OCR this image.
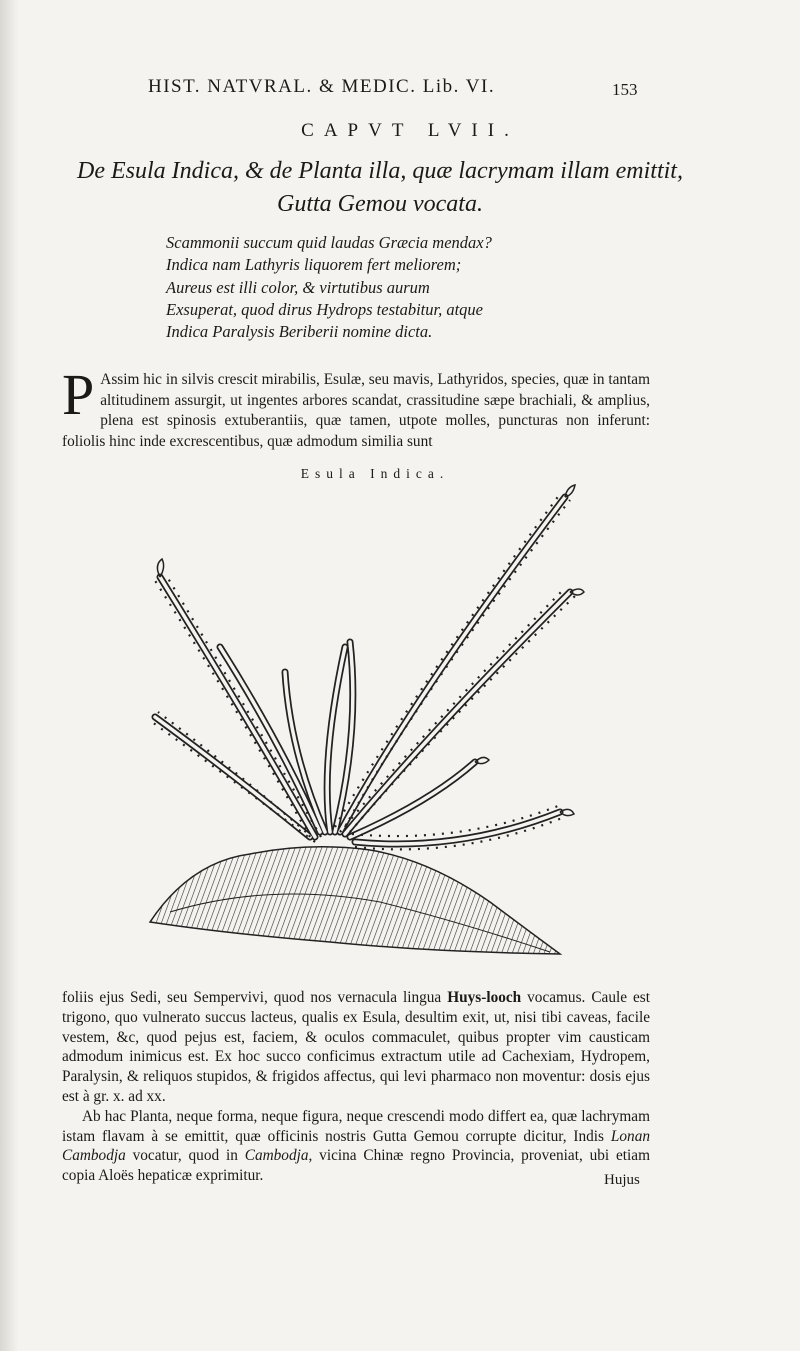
HIST. NATVRAL. & MEDIC. Lib. VI.	153
CAPVT LVII.
De Esula Indica, & de Planta illa, quæ lacrymam illam emittit,
Gutta Gemou vocata.
Scammonii succum quid laudas Græcia mendax?
Indica nam Lathyris liquorem fert meliorem;
Aureus est illi color, & virtutibus aurum
Exsuperat, quod dirus Hydrops testabitur, atque
Indica Paralysis Beriberii nomine dicta.
P Assim hic in silvis crescit mirabilis, Esulæ, seu mavis, Lathyridos, species, quæ in tantam altitudinem assurgit, ut ingentes arbores scandat, crassitudine sæpe brachiali, & amplius, plena est spinosis extuberantiis, quæ tamen, utpote molles, puncturas non inferunt: foliolis hinc inde excrescentibus, quæ admodum similia sunt
Esula Indica.

foliis ejus Sedi, seu Sempervivi, quod nos vernacula lingua Huys-looch vocamus. Caule est trigono, quo vulnerato succus lacteus, qualis ex Esula, desultim exit, ut, nisi tibi caveas, facile vestem, &c, quod pejus est, faciem, & oculos commaculet, quibus propter vim causticam admodum inimicus est. Ex hoc succo conficimus extractum utile ad Cachexiam, Hydropem, Paralysin, & reliquos stupidos, & frigidos affectus, qui levi pharmaco non moventur: dosis ejus est à gr. x. ad xx.

Ab hac Planta, neque forma, neque figura, neque crescendi modo differt ea, quæ lachrymam istam flavam à se emittit, quæ officinis nostris Gutta Gemou corrupte dicitur, Indis Lonan Cambodja vocatur, quod in Cambodja, vicina Chinæ regno Provincia, proveniat, ubi etiam copia Aloës hepaticæ exprimitur.	Hujus
